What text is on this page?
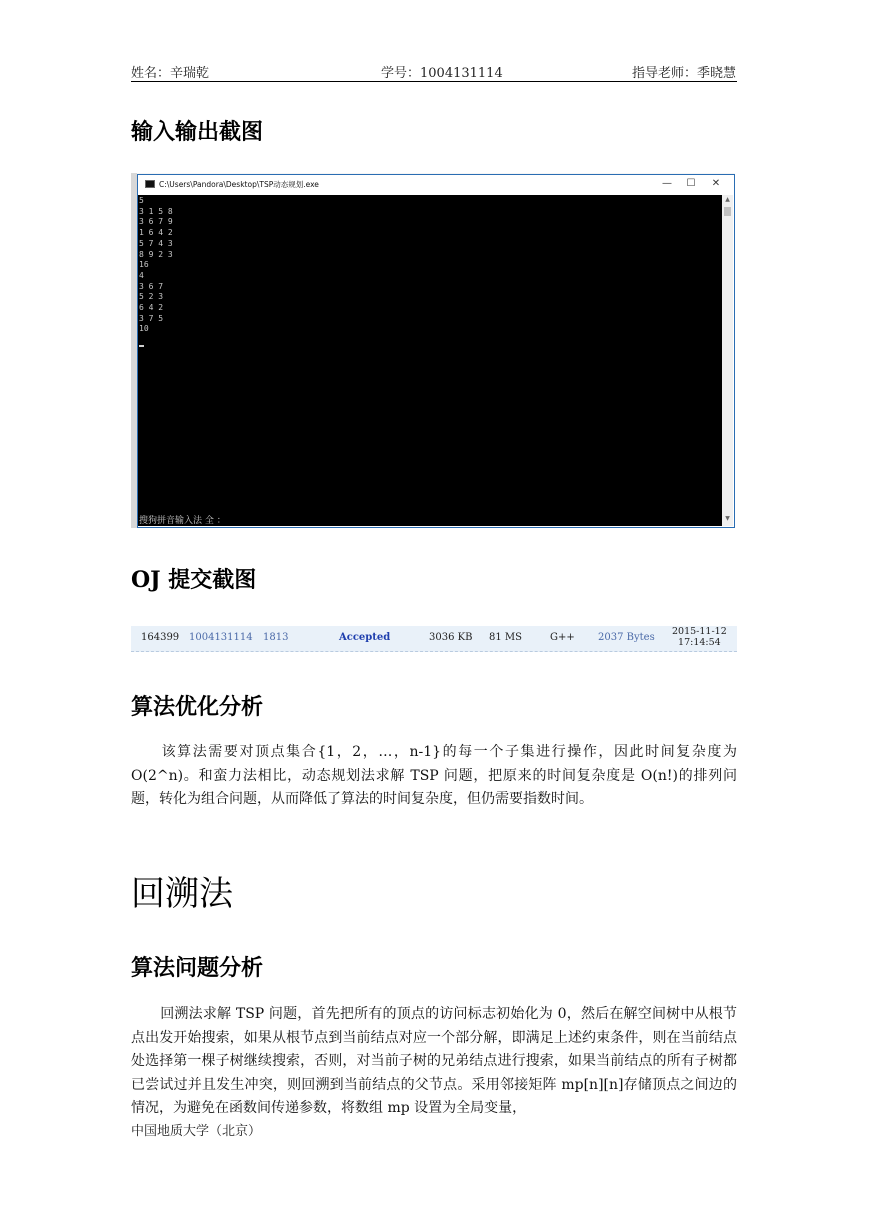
姓名：辛瑞乾	学号：1004131114	指导老师：季晓慧
输入输出截图
C:\Users\Pandora\Desktop\TSP动态规划.exe	— ☐ ✕
5
3 1 5 8
3 6 7 9
1 6 4 2
5 7 4 3
8 9 2 3
16
4
3 6 7
5 2 3
6 4 2
3 7 5
10
搜狗拼音输入法 全 ：
▲
▼
OJ 提交截图
164399 1004131114 1813	Accepted	3036 KB 81 MS	G++ 2037 Bytes
2015-11-12
17:14:54
算法优化分析

该算法需要对顶点集合{1，2，…，n-1}的每一个子集进行操作，因此时间复杂度为 O(2^n)。和蛮力法相比，动态规划法求解 TSP 问题，把原来的时间复杂度是 O(n!)的排列问题，转化为组合问题，从而降低了算法的时间复杂度，但仍需要指数时间。

回溯法
算法问题分析

回溯法求解 TSP 问题，首先把所有的顶点的访问标志初始化为 0，然后在解空间树中从根节点出发开始搜索，如果从根节点到当前结点对应一个部分解，即满足上述约束条件，则在当前结点处选择第一棵子树继续搜索，否则，对当前子树的兄弟结点进行搜索，如果当前结点的所有子树都已尝试过并且发生冲突，则回溯到当前结点的父节点。采用邻接矩阵 mp[n][n]存储顶点之间边的情况，为避免在函数间传递参数，将数组 mp 设置为全局变量，

中国地质大学（北京）
